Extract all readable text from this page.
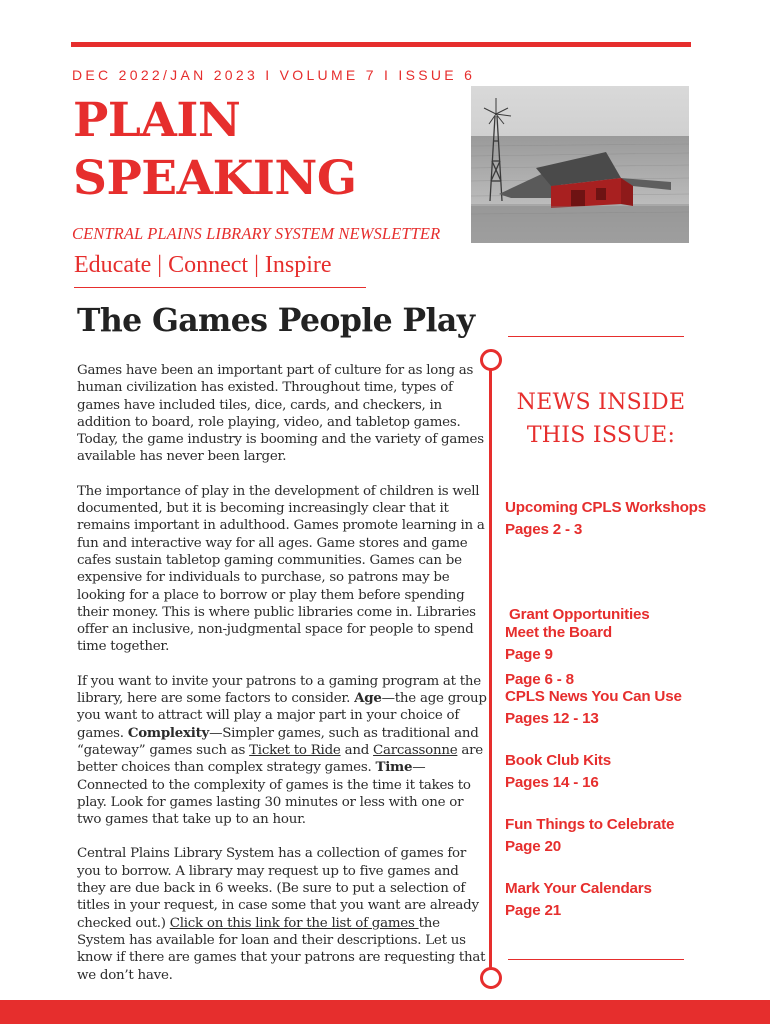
DEC 2022/JAN 2023 I VOLUME 7 I ISSUE 6
PLAIN
SPEAKING
CENTRAL PLAINS LIBRARY SYSTEM NEWSLETTER
Educate | Connect | Inspire
The Games People Play

Games have been an important part of culture for as long as human civilization has existed. Throughout time, types of games have included tiles, dice, cards, and checkers, in addition to board, role playing, video, and tabletop games. Today, the game industry is booming and the variety of games available has never been larger.

The importance of play in the development of children is well documented, but it is becoming increasingly clear that it remains important in adulthood. Games promote learning in a fun and interactive way for all ages. Game stores and game cafes sustain tabletop gaming communities. Games can be expensive for individuals to purchase, so patrons may be looking for a place to borrow or play them before spending their money. This is where public libraries come in. Libraries offer an inclusive, non-judgmental space for people to spend time together.

If you want to invite your patrons to a gaming program at the library, here are some factors to consider. Age—the age group you want to attract will play a major part in your choice of games. Complexity—Simpler games, such as traditional and “gateway” games such as Ticket to Ride and Carcassonne are better choices than complex strategy games. Time—Connected to the complexity of games is the time it takes to play. Look for games lasting 30 minutes or less with one or two games that take up to an hour.

Central Plains Library System has a collection of games for you to borrow. A library may request up to five games and they are due back in 6 weeks. (Be sure to put a selection of titles in your request, in case some that you want are already checked out.) Click on this link for the list of games the System has available for loan and their descriptions. Let us know if there are games that your patrons are requesting that we don’t have.

NEWS INSIDE
THIS ISSUE:
Upcoming CPLS Workshops
Pages 2 - 3

Grant Opportunities

Page 6 - 8

Meet the Board
Page 9
CPLS News You Can Use
Pages 12 - 13
Book Club Kits
Pages 14 - 16
Fun Things to Celebrate
Page 20
Mark Your Calendars
Page 21
